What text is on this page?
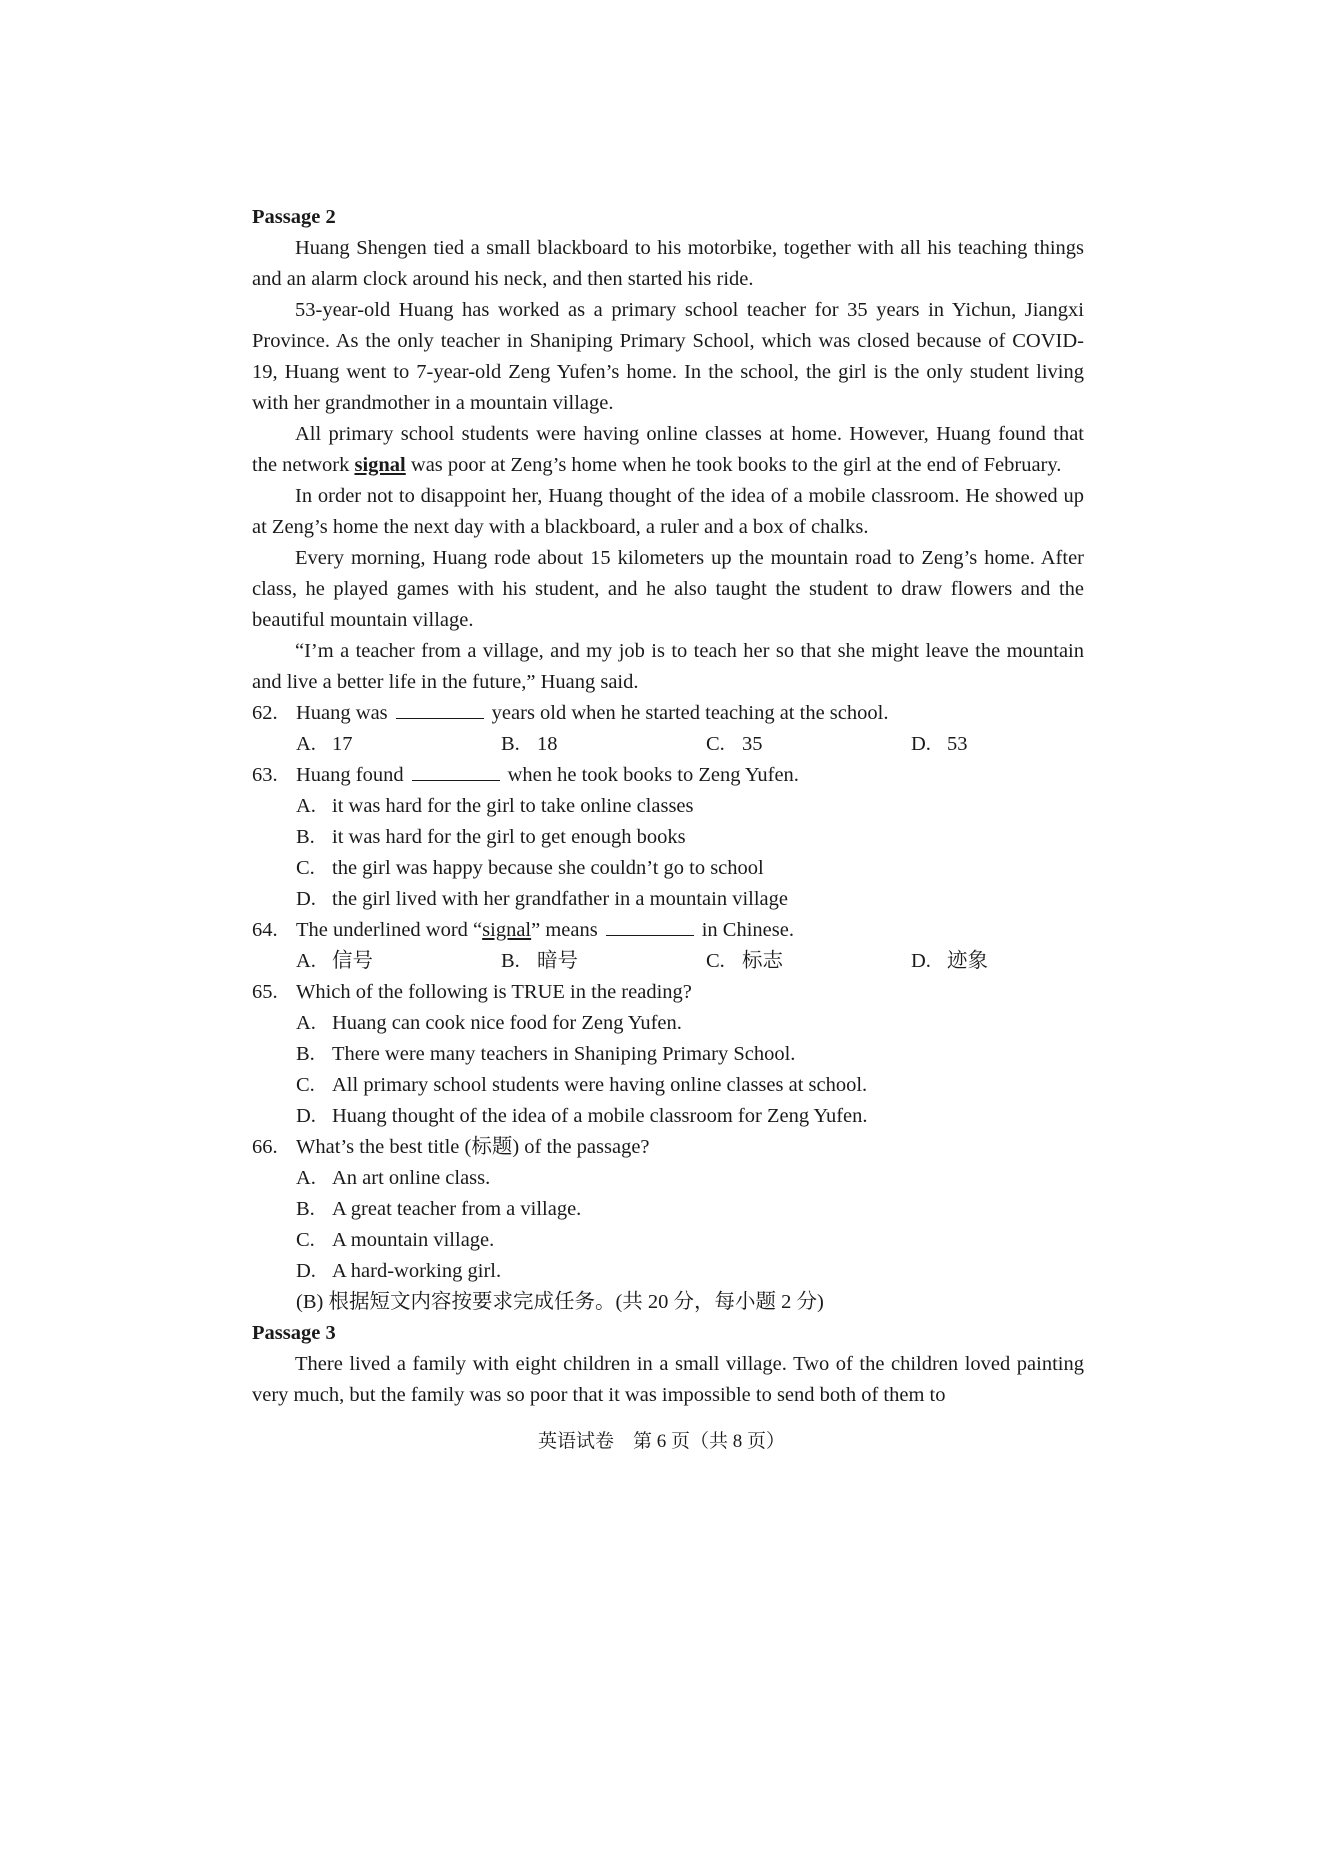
Passage 2
Huang Shengen tied a small blackboard to his motorbike, together with all his teaching things and an alarm clock around his neck, and then started his ride.
53-year-old Huang has worked as a primary school teacher for 35 years in Yichun, Jiangxi Province. As the only teacher in Shaniping Primary School, which was closed because of COVID-19, Huang went to 7-year-old Zeng Yufen’s home. In the school, the girl is the only student living with her grandmother in a mountain village.
All primary school students were having online classes at home. However, Huang found that the network signal was poor at Zeng’s home when he took books to the girl at the end of February.
In order not to disappoint her, Huang thought of the idea of a mobile classroom. He showed up at Zeng’s home the next day with a blackboard, a ruler and a box of chalks.
Every morning, Huang rode about 15 kilometers up the mountain road to Zeng’s home. After class, he played games with his student, and he also taught the student to draw flowers and the beautiful mountain village.
“I’m a teacher from a village, and my job is to teach her so that she might leave the mountain and live a better life in the future,” Huang said.
62. Huang was	years old when he started teaching at the school.
A. 17	B. 18	C. 35	D. 53
63. Huang found	when he took books to Zeng Yufen.
A. it was hard for the girl to take online classes
B. it was hard for the girl to get enough books
C. the girl was happy because she couldn’t go to school
D. the girl lived with her grandfather in a mountain village
64. The underlined word “signal” means	in Chinese.
A. 信号	B. 暗号	C. 标志	D. 迹象
65. Which of the following is TRUE in the reading?
A. Huang can cook nice food for Zeng Yufen.
B. There were many teachers in Shaniping Primary School.
C. All primary school students were having online classes at school.
D. Huang thought of the idea of a mobile classroom for Zeng Yufen.
66. What’s the best title (标题) of the passage?
A. An art online class.
B. A great teacher from a village.
C. A mountain village.
D. A hard-working girl.
(B) 根据短文内容按要求完成任务。(共 20 分，每小题 2 分)
Passage 3
There lived a family with eight children in a small village. Two of the children loved painting very much, but the family was so poor that it was impossible to send both of them to
英语试卷　第 6 页（共 8 页）
